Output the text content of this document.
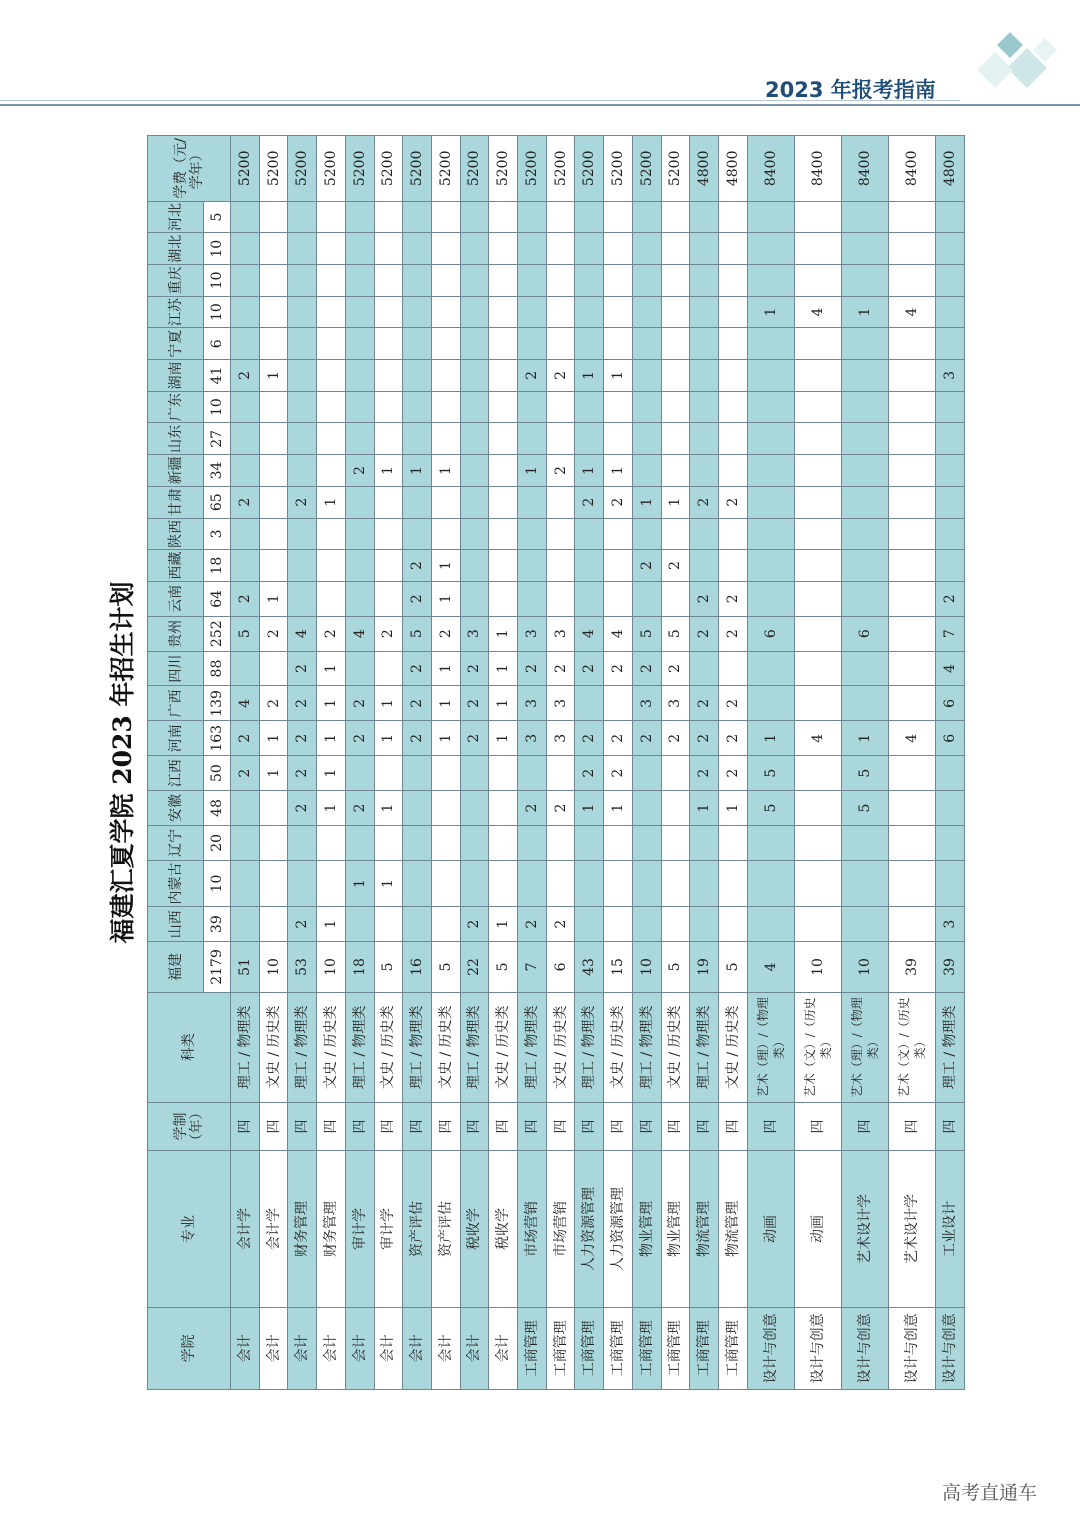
2023 年报考指南
福建汇夏学院 2023 年招生计划
学院	专业	学制（年）	科类	福建	山西	内蒙古	辽宁	安徽	江西	河南	广西	四川	贵州	云南	西藏	陕西	甘肃	新疆	山东	广东	湖南	宁夏	江苏	重庆	湖北	河北	学费（元/学年）
				2179	39	10	20	48	50	163	139	88	252	64	18	3	65	34	27	10	41	6	10	10	10	5	
会计	会计学	四	理工 / 物理类	51					2	2	4		5	2			2				2						5200
会计	会计学	四	文史 / 历史类	10					1	1	2		2	1							1						5200
会计	财务管理	四	理工 / 物理类	53	2			2	2	2	2	2	4				2										5200
会计	财务管理	四	文史 / 历史类	10	1			1	1	1	1	1	2				1										5200
会计	审计学	四	理工 / 物理类	18		1		2		2	2		4					2									5200
会计	审计学	四	文史 / 历史类	5		1		1		1	1		2					1									5200
会计	资产评估	四	理工 / 物理类	16						2	2	2	5	2	2			1									5200
会计	资产评估	四	文史 / 历史类	5						1	1	1	2	1	1			1									5200
会计	税收学	四	理工 / 物理类	22	2					2	2	2	3														5200
会计	税收学	四	文史 / 历史类	5	1					1	1	1	1														5200
工商管理	市场营销	四	理工 / 物理类	7	2			2		3	3	2	3					1			2						5200
工商管理	市场营销	四	文史 / 历史类	6	2			2		3	3	2	3					2			2						5200
工商管理	人力资源管理	四	理工 / 物理类	43				1	2	2		2	4				2	1			1						5200
工商管理	人力资源管理	四	文史 / 历史类	15				1	2	2		2	4				2	1			1						5200
工商管理	物业管理	四	理工 / 物理类	10						2	3	2	5		2		1										5200
工商管理	物业管理	四	文史 / 历史类	5						2	3	2	5		2		1										5200
工商管理	物流管理	四	理工 / 物理类	19				1	2	2	2		2	2			2										4800
工商管理	物流管理	四	文史 / 历史类	5				1	2	2	2		2	2			2										4800
设计与创意	动画	四	艺术（理）/（物理类）	4				5	5	1			6										1				8400
设计与创意	动画	四	艺术（文）/（历史类）	10						4													4				8400
设计与创意	艺术设计学	四	艺术（理）/（物理类）	10				5	5	1			6										1				8400
设计与创意	艺术设计学	四	艺术（文）/（历史类）	39						4													4				8400
设计与创意	工业设计	四	理工 / 物理类	39	3					6	6	4	7	2							3						4800
高考直通车
